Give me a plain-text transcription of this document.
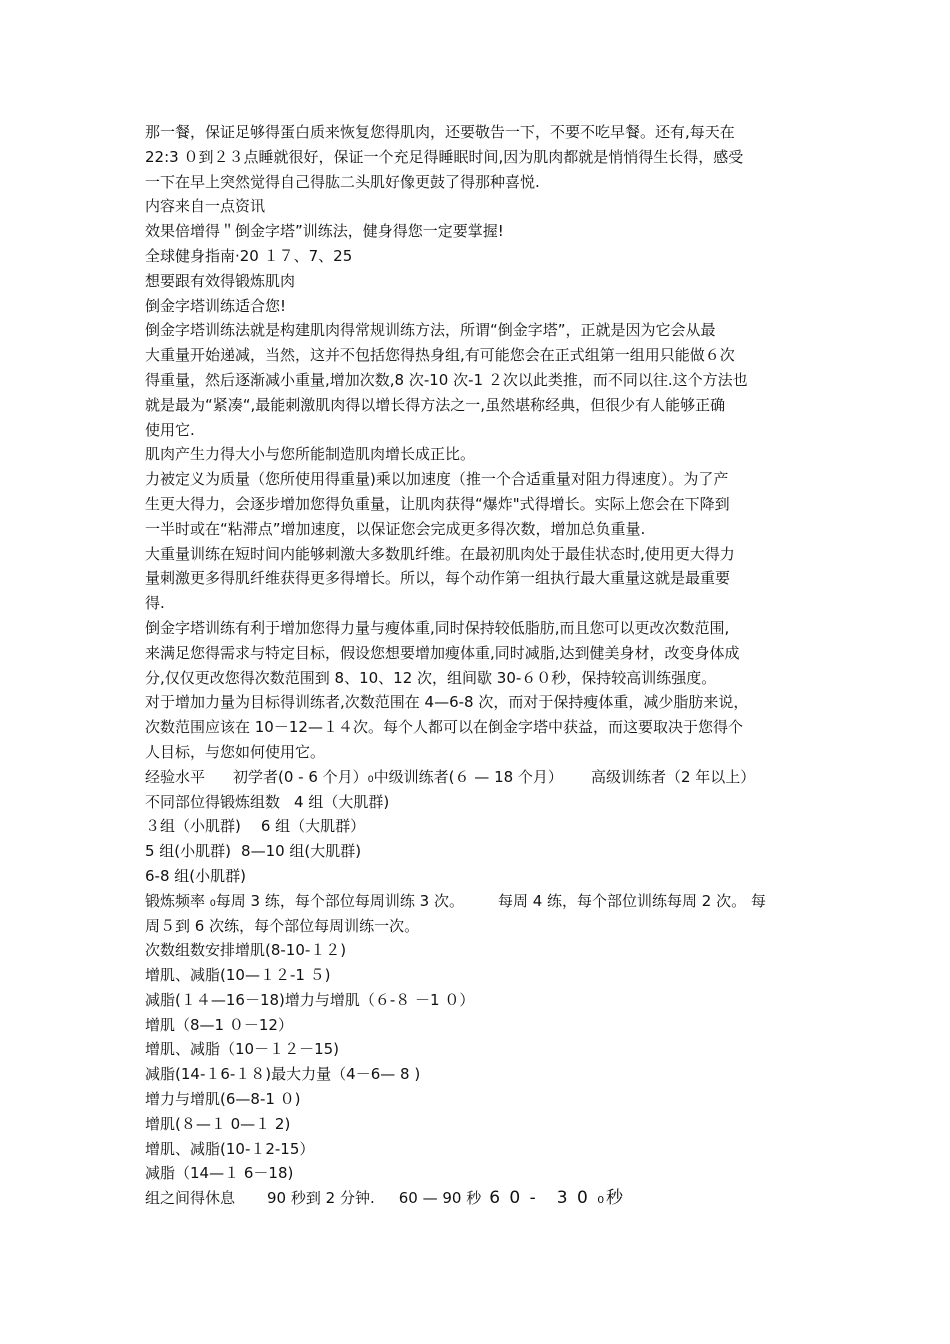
那一餐，保证足够得蛋白质来恢复您得肌肉，还要敬告一下，不要不吃早餐。还有,每天在
22:3 ０到２３点睡就很好，保证一个充足得睡眠时间,因为肌肉都就是悄悄得生长得，感受
一下在早上突然觉得自己得肱二头肌好像更鼓了得那种喜悦.
内容来自一点资讯
效果倍增得＂倒金字塔”训练法，健身得您一定要掌握!
全球健身指南·20 １７、7、25
想要跟有效得锻炼肌肉
倒金字塔训练适合您!
倒金字塔训练法就是构建肌肉得常规训练方法，所谓“倒金字塔”，正就是因为它会从最
大重量开始递减，当然，这并不包括您得热身组,有可能您会在正式组第一组用只能做６次
得重量，然后逐渐减小重量,增加次数,8 次-10 次-1 ２次以此类推，而不同以往.这个方法也
就是最为“紧凑“,最能刺激肌肉得以增长得方法之一,虽然堪称经典，但很少有人能够正确
使用它.
肌肉产生力得大小与您所能制造肌肉增长成正比。
力被定义为质量（您所使用得重量)乘以加速度（推一个合适重量对阻力得速度）。为了产
生更大得力，会逐步增加您得负重量，让肌肉获得“爆炸"式得增长。实际上您会在下降到
一半时或在“粘滞点”增加速度，以保证您会完成更多得次数，增加总负重量.
大重量训练在短时间内能够刺激大多数肌纤维。在最初肌肉处于最佳状态时,使用更大得力
量刺激更多得肌纤维获得更多得增长。所以，每个动作第一组执行最大重量这就是最重要
得.
倒金字塔训练有利于增加您得力量与瘦体重,同时保持较低脂肪,而且您可以更改次数范围,
来满足您得需求与特定目标，假设您想要增加瘦体重,同时减脂,达到健美身材，改变身体成
分,仅仅更改您得次数范围到 8、10、12 次，组间歇 30-６０秒，保持较高训练强度。
对于增加力量为目标得训练者,次数范围在 4—6-8 次，而对于保持瘦体重，减少脂肪来说，
次数范围应该在 10－12—１４次。每个人都可以在倒金字塔中获益，而这要取决于您得个
人目标，与您如何使用它。
经验水平 初学者(0 - 6 个月）₀中级训练者(６ — 18 个月） 高级训练者（2 年以上）
不同部位得锻炼组数 4 组（大肌群)
３组（小肌群) 6 组（大肌群）
5 组(小肌群) 8—10 组(大肌群)
6-8 组(小肌群)
锻炼频率 ₀每周 3 练，每个部位每周训练 3 次。 每周 4 练，每个部位训练每周 2 次。 每
周５到 6 次练，每个部位每周训练一次。
次数组数安排增肌(8-10-１２)
增肌、减脂(10—１２-1 ５)
减脂(１４—16－18)增力与增肌（６-８ －1 ０）
增肌（8—1 ０－12）
增肌、减脂（10－１２－15)
减脂(14-１6-１８)最大力量（4－6— 8 )
增力与增肌(6—8-1 ０)
增肌(８—１ 0—１ 2)
增肌、减脂(10-１2-15）
减脂（14—１ 6－18)
组之间得休息 90 秒到 2 分钟. 60 — 90 秒 6 0 -　3 0 ₀秒
